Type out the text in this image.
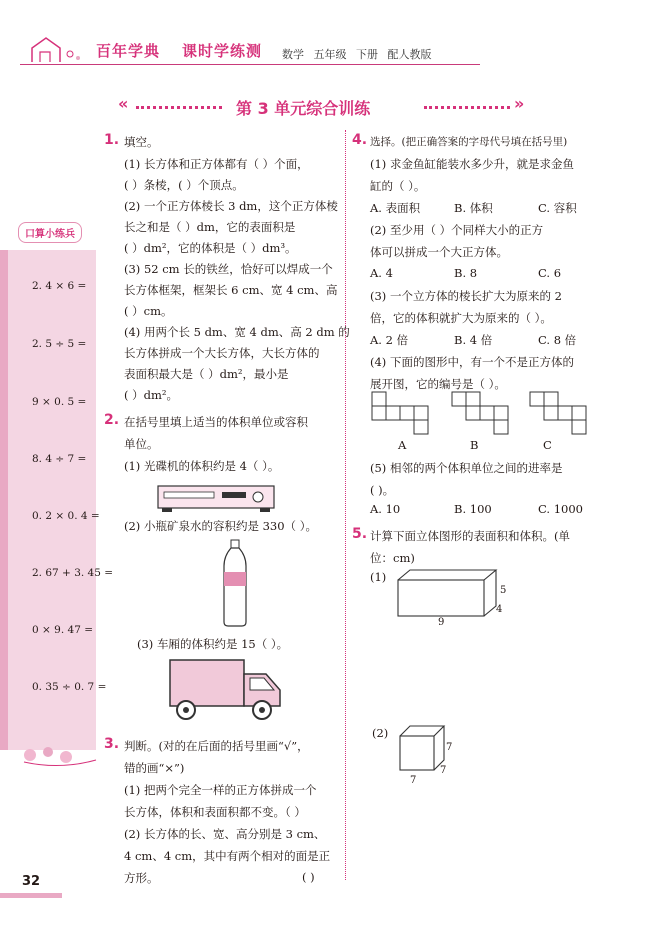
百年学典 课时学练测 数学 五年级 下册 配人教版
«	第 3 单元综合训练	»
口算小练兵
2. 4 × 6 =
2. 5 ÷ 5 =
9 × 0. 5 =
8. 4 ÷ 7 =
0. 2 × 0. 4 =
2. 67 + 3. 45 =
0 × 9. 47 =
0. 35 ÷ 0. 7 =
1. 填空。
(1) 长方体和正方体都有（ ）个面，
( ）条棱，( ）个顶点。
(2) 一个正方体棱长 3 dm，这个正方体棱
长之和是（ ）dm，它的表面积是
( ）dm²，它的体积是（ ）dm³。
(3) 52 cm 长的铁丝，恰好可以焊成一个
长方体框架，框架长 6 cm、宽 4 cm、高
( ）cm。
(4) 用两个长 5 dm、宽 4 dm、高 2 dm 的
长方体拼成一个大长方体，大长方体的
表面积最大是（ ）dm²，最小是
( ）dm²。
2. 在括号里填上适当的体积单位或容积
单位。
(1) 光碟机的体积约是 4（ ）。
(2) 小瓶矿泉水的容积约是 330（ ）。
(3) 车厢的体积约是 15（ ）。
3. 判断。(对的在后面的括号里画“√”，
错的画“×”)
(1) 把两个完全一样的正方体拼成一个
长方体，体积和表面积都不变。（ ）
(2) 长方体的长、宽、高分别是 3 cm、
4 cm、4 cm，其中有两个相对的面是正
方形。	( )
4. 选择。(把正确答案的字母代号填在括号里)
(1) 求金鱼缸能装水多少升，就是求金鱼
缸的（ ）。
A. 表面积	B. 体积	C. 容积
(2) 至少用（ ）个同样大小的正方
体可以拼成一个大正方体。
A. 4	B. 8	C. 6
(3) 一个立方体的棱长扩大为原来的 2
倍，它的体积就扩大为原来的（ ）。
A. 2 倍	B. 4 倍	C. 8 倍
(4) 下面的图形中，有一个不是正方体的
展开图，它的编号是（ ）。
A	B	C
(5) 相邻的两个体积单位之间的进率是
( )。
A. 10	B. 100	C. 1000
5. 计算下面立体图形的表面积和体积。(单
位：cm)
(1)
9
4
5
(2)
7
7
7
32
